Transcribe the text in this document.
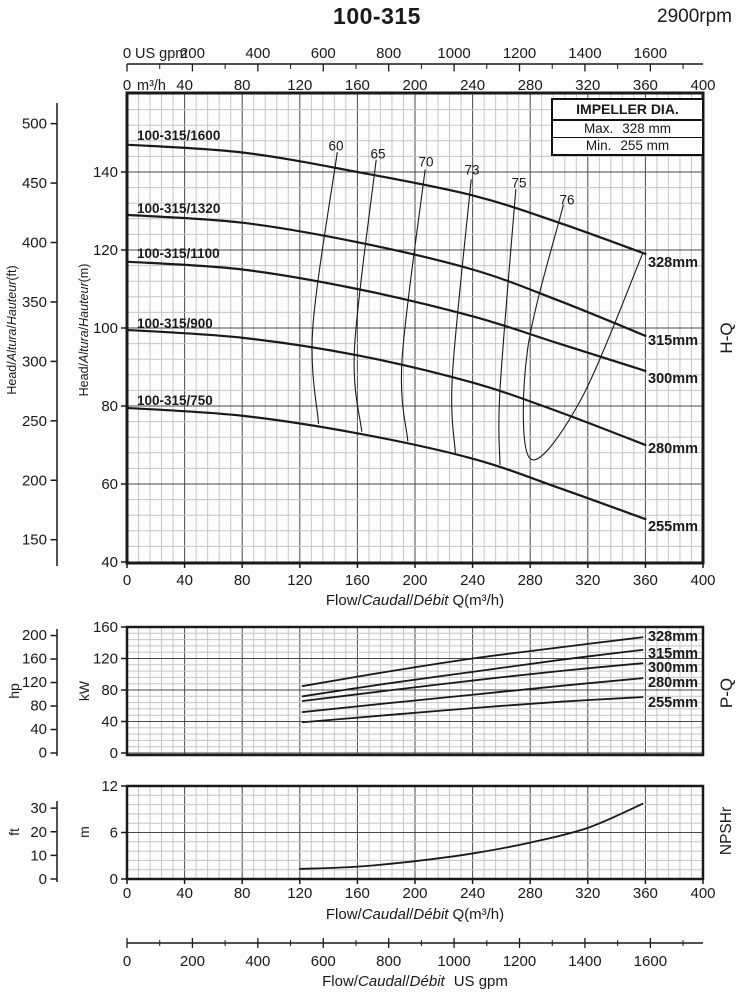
100-315	2900rpm
40
60
80
100
120
140
150
200
250
300
350
400
450
500
0	40	80 120 160 200 240 280 320 360 400
0	200	400	600	800 1000 1200 1400 1600
US gpm
0	40	80 120 160 200 240 280 320 360 400
m³/h
0
40
80
120
160
0
40
80
120
160
200
0
6
12
0
10
20
30
0	40	80 120 160 200 240 280 320 360 400
0	200	400	600	800 1000 1200 1400 1600
IMPELLER DIA.
Max. 328 mm
Min. 255 mm
100-315/1600
100-315/1320
100-315/1100
100-315/900
100-315/750
328mm
315mm
300mm
280mm
255mm
60
65
70
73
75
76
328mm
315mm
300mm
280mm
255mm
Head/Altura/Hauteur(ft)
Head/Altura/Hauteur(m)
hp	kW
ft	m
H-Q
P-Q
NPSHr
Flow/Caudal/Débit Q(m³/h)
Flow/Caudal/Débit Q(m³/h)
Flow/Caudal/Débit US gpm
